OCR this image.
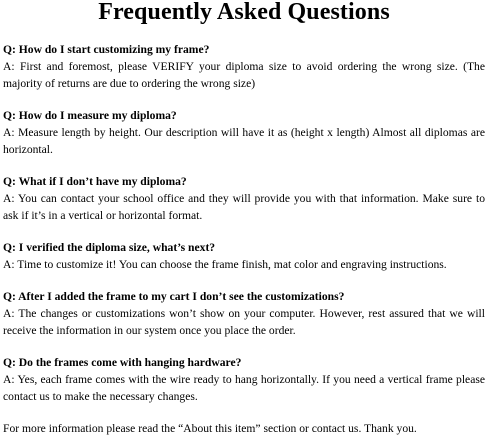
Frequently Asked Questions

Q: How do I start customizing my frame?

A: First and foremost, please VERIFY your diploma size to avoid ordering the wrong size. (The majority of returns are due to ordering the wrong size)

Q: How do I measure my diploma?

A: Measure length by height. Our description will have it as (height x length) Almost all diplomas are horizontal.

Q: What if I don’t have my diploma?

A: You can contact your school office and they will provide you with that information. Make sure to ask if it’s in a vertical or horizontal format.

Q: I verified the diploma size, what’s next?

A: Time to customize it! You can choose the frame finish, mat color and engraving instructions.

Q: After I added the frame to my cart I don’t see the customizations?

A: The changes or customizations won’t show on your computer. However, rest assured that we will receive the information in our system once you place the order.

Q: Do the frames come with hanging hardware?

A: Yes, each frame comes with the wire ready to hang horizontally. If you need a vertical frame please contact us to make the necessary changes.

For more information please read the “About this item” section or contact us. Thank you.
